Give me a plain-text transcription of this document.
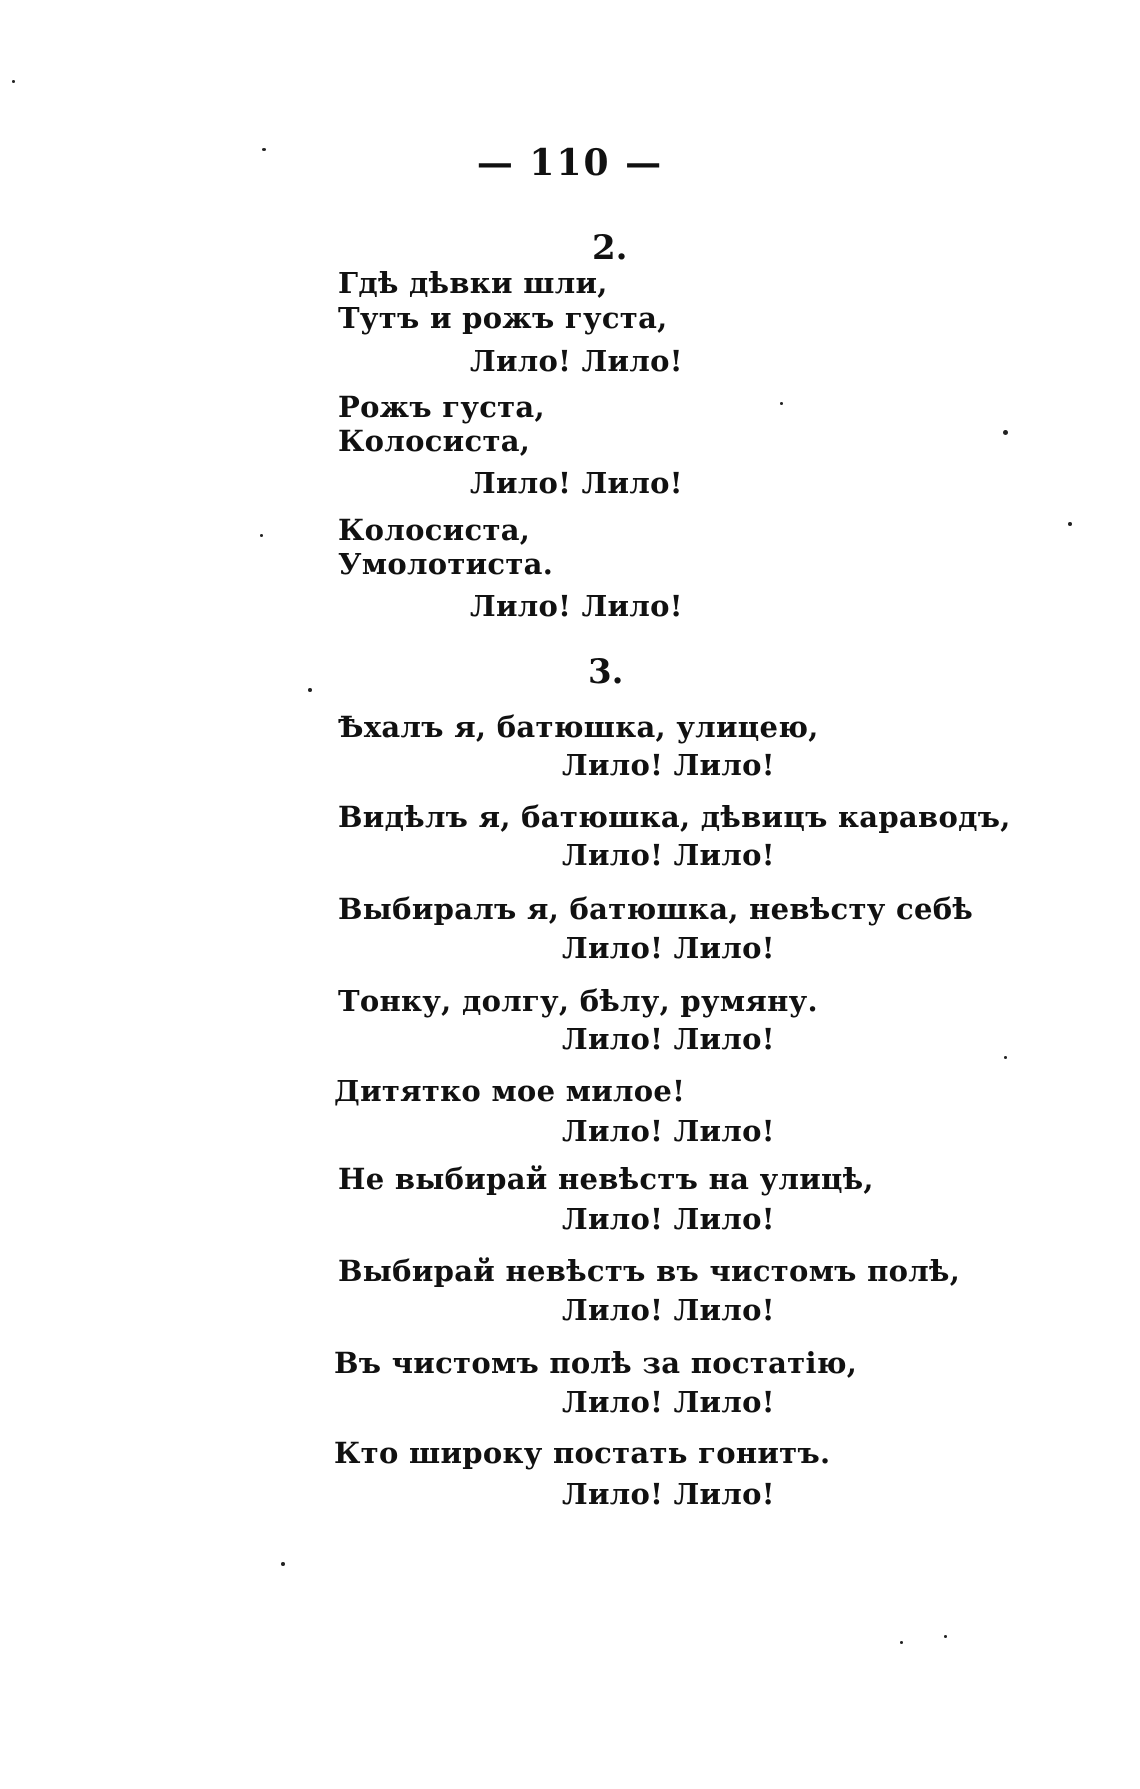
— 110 —
2.
Гдѣ дѣвки шли,
Тутъ и рожъ густа,
Лило! Лило!
Рожъ густа,
Колосиста,
Лило! Лило!
Колосиста,
Умолотиста.
Лило! Лило!
3.
Ѣхалъ я, батюшка, улицею,
Лило! Лило!
Видѣлъ я, батюшка, дѣвицъ караводъ,
Лило! Лило!
Выбиралъ я, батюшка, невѣсту себѣ
Лило! Лило!
Тонку, долгу, бѣлу, румяну.
Лило! Лило!
Дитятко мое милое!
Лило! Лило!
Не выбирай невѣстъ на улицѣ,
Лило! Лило!
Выбирай невѣстъ въ чистомъ полѣ,
Лило! Лило!
Въ чистомъ полѣ за постатію,
Лило! Лило!
Кто широку постать гонитъ.
Лило! Лило!
